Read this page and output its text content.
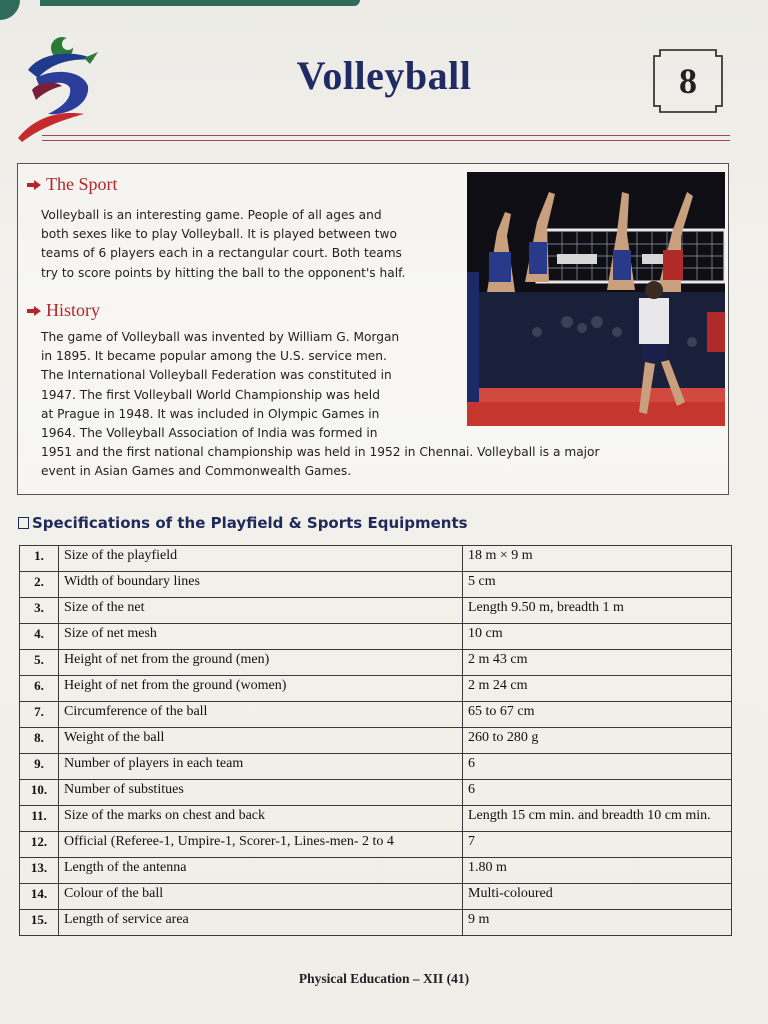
Volleyball	8
The Sport
Volleyball is an interesting game. People of all ages and
both sexes like to play Volleyball. It is played between two
teams of 6 players each in a rectangular court. Both teams
try to score points by hitting the ball to the opponent's half.
History
The game of Volleyball was invented by William G. Morgan
in 1895. It became popular among the U.S. service men.
The International Volleyball Federation was constituted in
1947. The first Volleyball World Championship was held
at Prague in 1948. It was included in Olympic Games in
1964. The Volleyball Association of India was formed in
1951 and the first national championship was held in 1952 in Chennai. Volleyball is a major
event in Asian Games and Commonwealth Games.
Specifications of the Playfield & Sports Equipments
1.	Size of the playfield	18 m × 9 m
2.	Width of boundary lines	5 cm
3.	Size of the net	Length 9.50 m, breadth 1 m
4.	Size of net mesh	10 cm
5.	Height of net from the ground (men)	2 m 43 cm
6.	Height of net from the ground (women)	2 m 24 cm
7.	Circumference of the ball	65 to 67 cm
8.	Weight of the ball	260 to 280 g
9.	Number of players in each team	6
10.	Number of substitues	6
11.	Size of the marks on chest and back	Length 15 cm min. and breadth 10 cm min.
12.	Official (Referee-1, Umpire-1, Scorer-1, Lines-men- 2 to 4	7
13.	Length of the antenna	1.80 m
14.	Colour of the ball	Multi-coloured
15.	Length of service area	9 m
Physical Education – XII (41)
